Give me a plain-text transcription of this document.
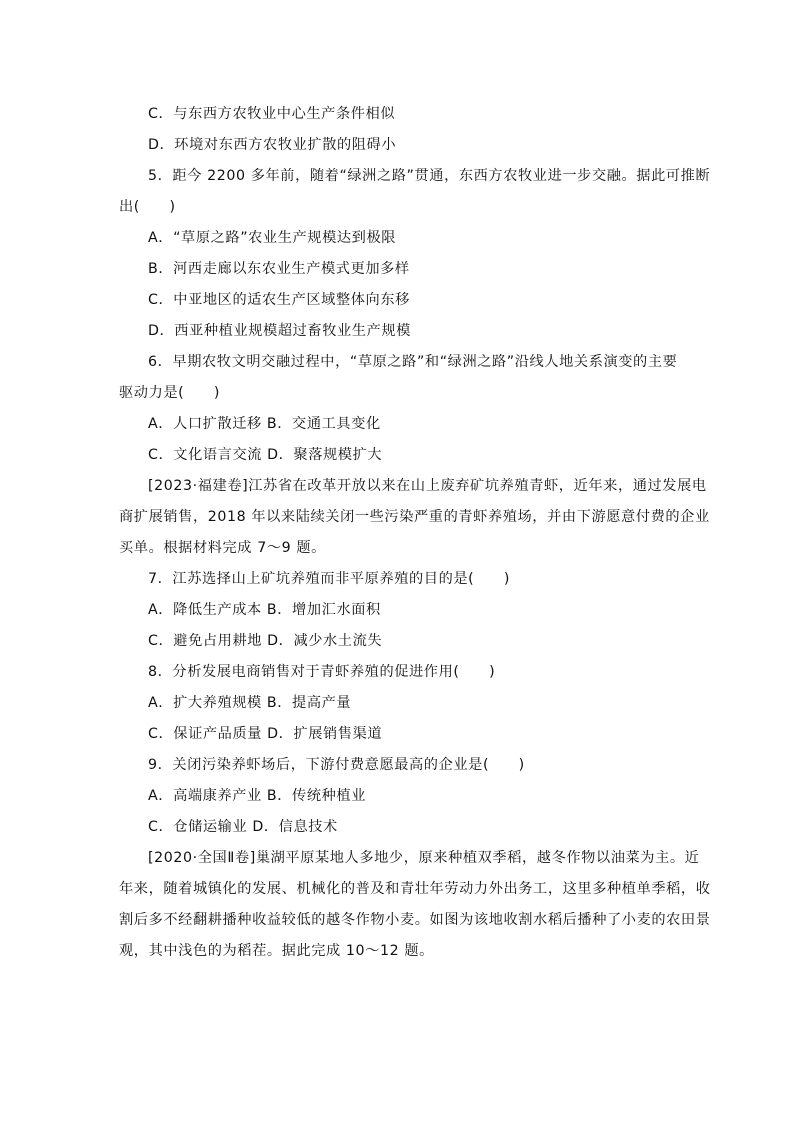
C．与东西方农牧业中心生产条件相似
D．环境对东西方农牧业扩散的阻碍小
5．距今 2200 多年前，随着“绿洲之路”贯通，东西方农牧业进一步交融。据此可推断
出(　　)
A．“草原之路”农业生产规模达到极限
B．河西走廊以东农业生产模式更加多样
C．中亚地区的适农生产区域整体向东移
D．西亚种植业规模超过畜牧业生产规模
6．早期农牧文明交融过程中，“草原之路”和“绿洲之路”沿线人地关系演变的主要
驱动力是(　　)
A．人口扩散迁移 B．交通工具变化
C．文化语言交流 D．聚落规模扩大
[2023·福建卷]江苏省在改革开放以来在山上废弃矿坑养殖青虾，近年来，通过发展电
商扩展销售，2018 年以来陆续关闭一些污染严重的青虾养殖场，并由下游愿意付费的企业
买单。根据材料完成 7～9 题。
7．江苏选择山上矿坑养殖而非平原养殖的目的是(　　)
A．降低生产成本 B．增加汇水面积
C．避免占用耕地 D．减少水土流失
8．分析发展电商销售对于青虾养殖的促进作用(　　)
A．扩大养殖规模 B．提高产量
C．保证产品质量 D．扩展销售渠道
9．关闭污染养虾场后，下游付费意愿最高的企业是(　　)
A．高端康养产业 B．传统种植业
C．仓储运输业 D．信息技术
[2020·全国Ⅱ卷]巢湖平原某地人多地少，原来种植双季稻，越冬作物以油菜为主。近
年来，随着城镇化的发展、机械化的普及和青壮年劳动力外出务工，这里多种植单季稻，收
割后多不经翻耕播种收益较低的越冬作物小麦。如图为该地收割水稻后播种了小麦的农田景
观，其中浅色的为稻茬。据此完成 10～12 题。
